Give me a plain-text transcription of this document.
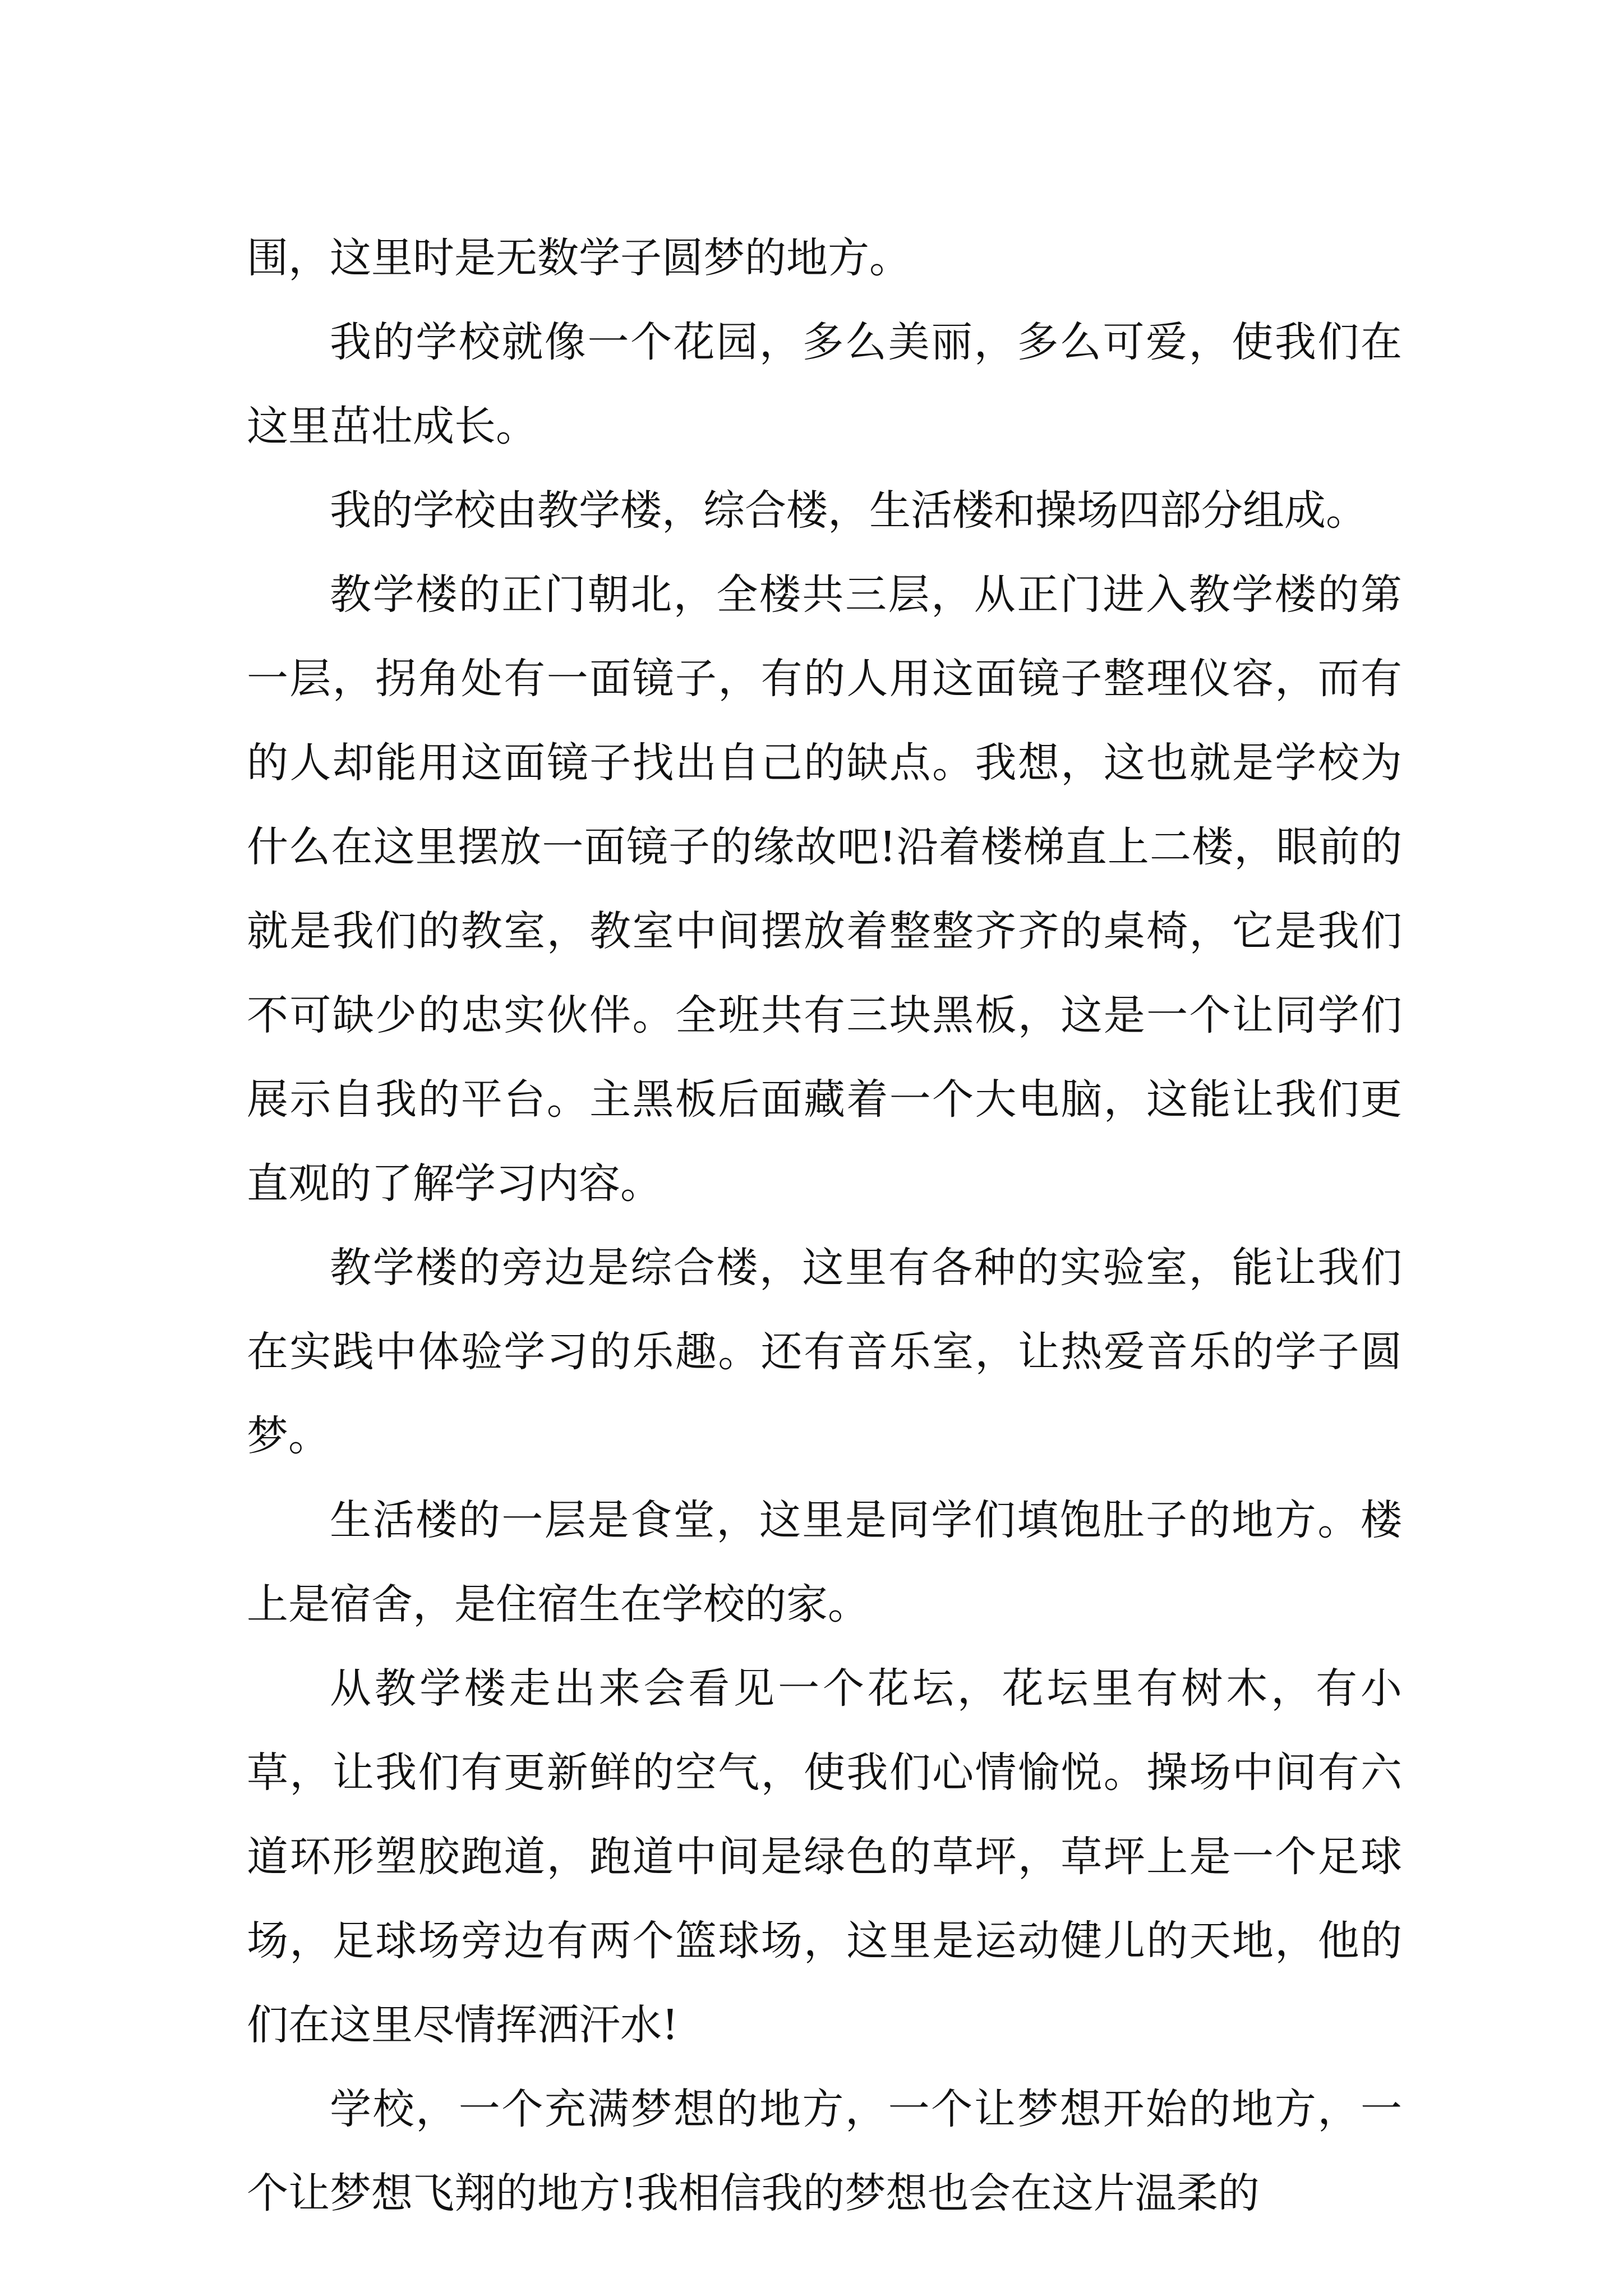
围，这里时是无数学子圆梦的地方。

我的学校就像一个花园，多么美丽，多么可爱，使我们在这里茁壮成长。

我的学校由教学楼，综合楼，生活楼和操场四部分组成。

教学楼的正门朝北，全楼共三层，从正门进入教学楼的第一层，拐角处有一面镜子，有的人用这面镜子整理仪容，而有的人却能用这面镜子找出自己的缺点。我想，这也就是学校为什么在这里摆放一面镜子的缘故吧!沿着楼梯直上二楼，眼前的就是我们的教室，教室中间摆放着整整齐齐的桌椅，它是我们不可缺少的忠实伙伴。全班共有三块黑板，这是一个让同学们展示自我的平台。主黑板后面藏着一个大电脑，这能让我们更直观的了解学习内容。

教学楼的旁边是综合楼，这里有各种的实验室，能让我们在实践中体验学习的乐趣。还有音乐室，让热爱音乐的学子圆梦。

生活楼的一层是食堂，这里是同学们填饱肚子的地方。楼上是宿舍，是住宿生在学校的家。

从教学楼走出来会看见一个花坛，花坛里有树木，有小草，让我们有更新鲜的空气，使我们心情愉悦。操场中间有六道环形塑胶跑道，跑道中间是绿色的草坪，草坪上是一个足球场，足球场旁边有两个篮球场，这里是运动健儿的天地，他的们在这里尽情挥洒汗水!

学校，一个充满梦想的地方，一个让梦想开始的地方，一个让梦想飞翔的地方!我相信我的梦想也会在这片温柔的
